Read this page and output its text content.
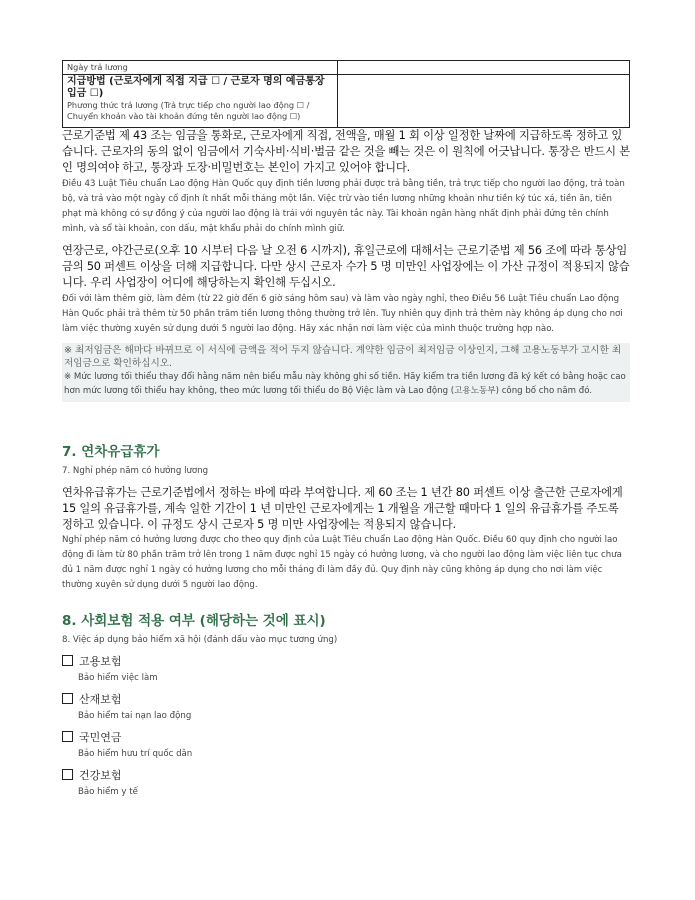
Ngày trả lương	

지급방법 (근로자에게 직접 지급 ☐ / 근로자 명의 예금통장 입금 ☐)
Phương thức trả lương (Trả trực tiếp cho người lao động ☐ / Chuyển khoản vào tài khoản đứng tên người lao động ☐)	

근로기준법 제 43 조는 임금을 통화로, 근로자에게 직접, 전액을, 매월 1 회 이상 일정한 날짜에 지급하도록 정하고 있습니다. 근로자의 동의 없이 임금에서 기숙사비·식비·벌금 같은 것을 빼는 것은 이 원칙에 어긋납니다. 통장은 반드시 본인 명의여야 하고, 통장과 도장·비밀번호는 본인이 가지고 있어야 합니다.
Điều 43 Luật Tiêu chuẩn Lao động Hàn Quốc quy định tiền lương phải được trả bằng tiền, trả trực tiếp cho người lao động, trả toàn bộ, và trả vào một ngày cố định ít nhất mỗi tháng một lần. Việc trừ vào tiền lương những khoản như tiền ký túc xá, tiền ăn, tiền phạt mà không có sự đồng ý của người lao động là trái với nguyên tắc này. Tài khoản ngân hàng nhất định phải đứng tên chính mình, và sổ tài khoản, con dấu, mật khẩu phải do chính mình giữ.
연장근로, 야간근로(오후 10 시부터 다음 날 오전 6 시까지), 휴일근로에 대해서는 근로기준법 제 56 조에 따라 통상임금의 50 퍼센트 이상을 더해 지급합니다. 다만 상시 근로자 수가 5 명 미만인 사업장에는 이 가산 규정이 적용되지 않습니다. 우리 사업장이 어디에 해당하는지 확인해 두십시오.
Đối với làm thêm giờ, làm đêm (từ 22 giờ đến 6 giờ sáng hôm sau) và làm vào ngày nghỉ, theo Điều 56 Luật Tiêu chuẩn Lao động Hàn Quốc phải trả thêm từ 50 phần trăm tiền lương thông thường trở lên. Tuy nhiên quy định trả thêm này không áp dụng cho nơi làm việc thường xuyên sử dụng dưới 5 người lao động. Hãy xác nhận nơi làm việc của mình thuộc trường hợp nào.
※ 최저임금은 해마다 바뀌므로 이 서식에 금액을 적어 두지 않습니다. 계약한 임금이 최저임금 이상인지, 그해 고용노동부가 고시한 최저임금으로 확인하십시오.
※ Mức lương tối thiểu thay đổi hằng năm nên biểu mẫu này không ghi số tiền. Hãy kiểm tra tiền lương đã ký kết có bằng hoặc cao hơn mức lương tối thiểu hay không, theo mức lương tối thiểu do Bộ Việc làm và Lao động (고용노동부) công bố cho năm đó.
7. 연차유급휴가
7. Nghỉ phép năm có hưởng lương
연차유급휴가는 근로기준법에서 정하는 바에 따라 부여합니다. 제 60 조는 1 년간 80 퍼센트 이상 출근한 근로자에게 15 일의 유급휴가를, 계속 일한 기간이 1 년 미만인 근로자에게는 1 개월을 개근할 때마다 1 일의 유급휴가를 주도록 정하고 있습니다. 이 규정도 상시 근로자 5 명 미만 사업장에는 적용되지 않습니다.
Nghỉ phép năm có hưởng lương được cho theo quy định của Luật Tiêu chuẩn Lao động Hàn Quốc. Điều 60 quy định cho người lao động đi làm từ 80 phần trăm trở lên trong 1 năm được nghỉ 15 ngày có hưởng lương, và cho người lao động làm việc liên tục chưa đủ 1 năm được nghỉ 1 ngày có hưởng lương cho mỗi tháng đi làm đầy đủ. Quy định này cũng không áp dụng cho nơi làm việc thường xuyên sử dụng dưới 5 người lao động.
8. 사회보험 적용 여부 (해당하는 것에 표시)
8. Việc áp dụng bảo hiểm xã hội (đánh dấu vào mục tương ứng)
고용보험
Bảo hiểm việc làm
산재보험
Bảo hiểm tai nạn lao động
국민연금
Bảo hiểm hưu trí quốc dân
건강보험
Bảo hiểm y tế
